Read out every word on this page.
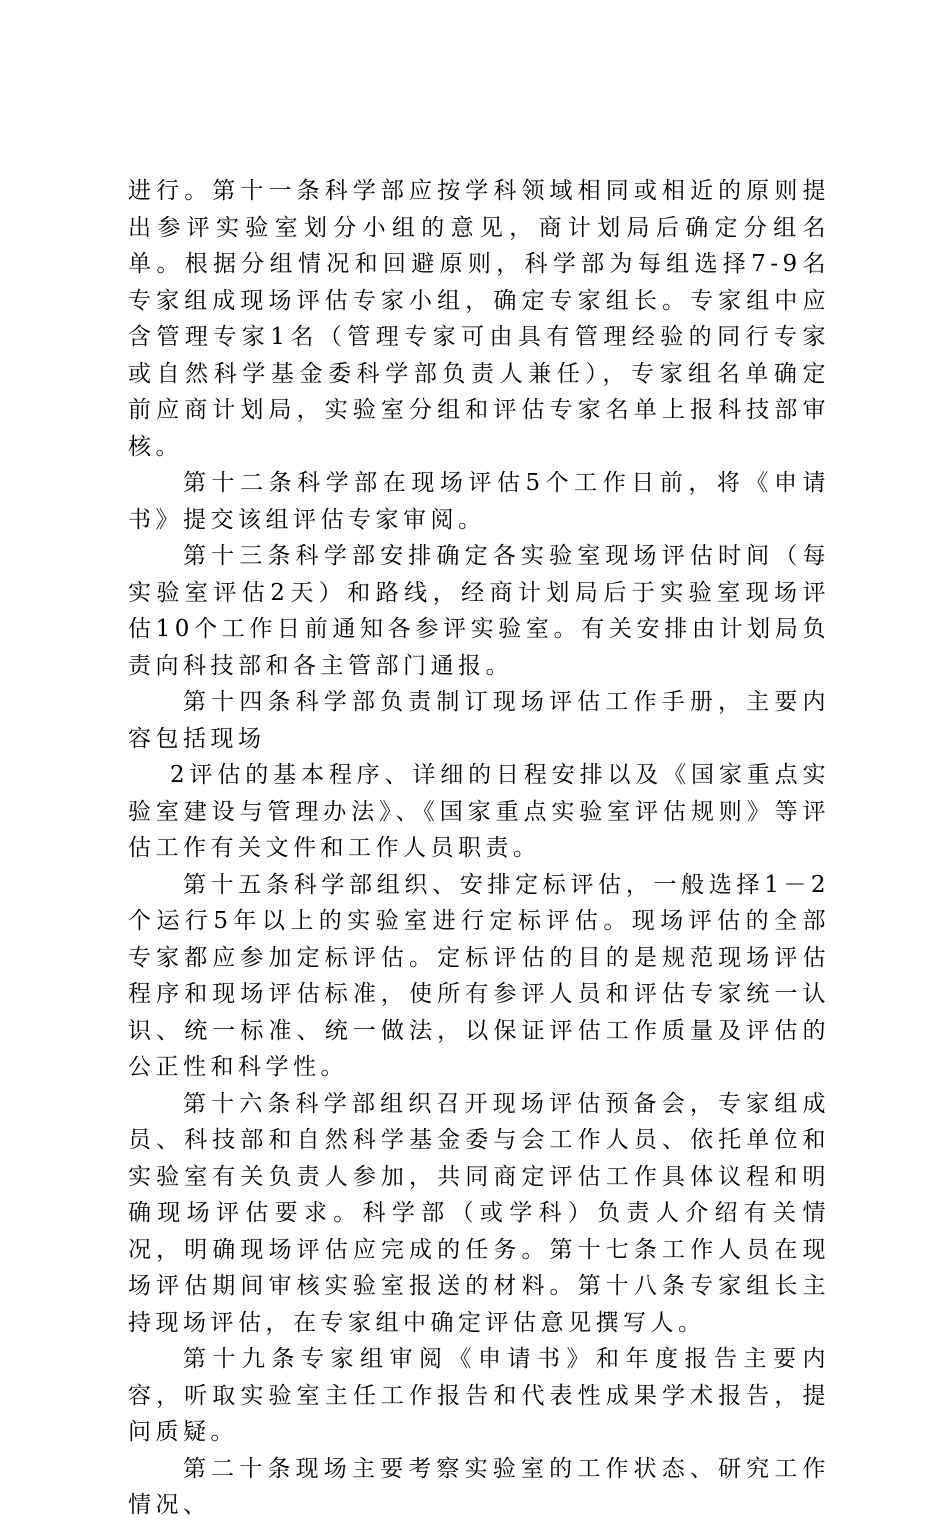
进行。第十一条科学部应按学科领域相同或相近的原则提出参评实验室划分小组的意见，商计划局后确定分组名单。根据分组情况和回避原则，科学部为每组选择7-9名专家组成现场评估专家小组，确定专家组长。专家组中应含管理专家1名（管理专家可由具有管理经验的同行专家或自然科学基金委科学部负责人兼任），专家组名单确定前应商计划局，实验室分组和评估专家名单上报科技部审核。

第十二条科学部在现场评估5个工作日前，将《申请书》提交该组评估专家审阅。

第十三条科学部安排确定各实验室现场评估时间（每实验室评估2天）和路线，经商计划局后于实验室现场评估10个工作日前通知各参评实验室。有关安排由计划局负责向科技部和各主管部门通报。

第十四条科学部负责制订现场评估工作手册，主要内容包括现场

2评估的基本程序、详细的日程安排以及《国家重点实验室建设与管理办法》、《国家重点实验室评估规则》等评估工作有关文件和工作人员职责。

第十五条科学部组织、安排定标评估，一般选择1－2个运行5年以上的实验室进行定标评估。现场评估的全部专家都应参加定标评估。定标评估的目的是规范现场评估程序和现场评估标准，使所有参评人员和评估专家统一认识、统一标准、统一做法，以保证评估工作质量及评估的公正性和科学性。

第十六条科学部组织召开现场评估预备会，专家组成员、科技部和自然科学基金委与会工作人员、依托单位和实验室有关负责人参加，共同商定评估工作具体议程和明确现场评估要求。科学部（或学科）负责人介绍有关情况，明确现场评估应完成的任务。第十七条工作人员在现场评估期间审核实验室报送的材料。第十八条专家组长主持现场评估，在专家组中确定评估意见撰写人。

第十九条专家组审阅《申请书》和年度报告主要内容，听取实验室主任工作报告和代表性成果学术报告，提问质疑。

第二十条现场主要考察实验室的工作状态、研究工作情况、
